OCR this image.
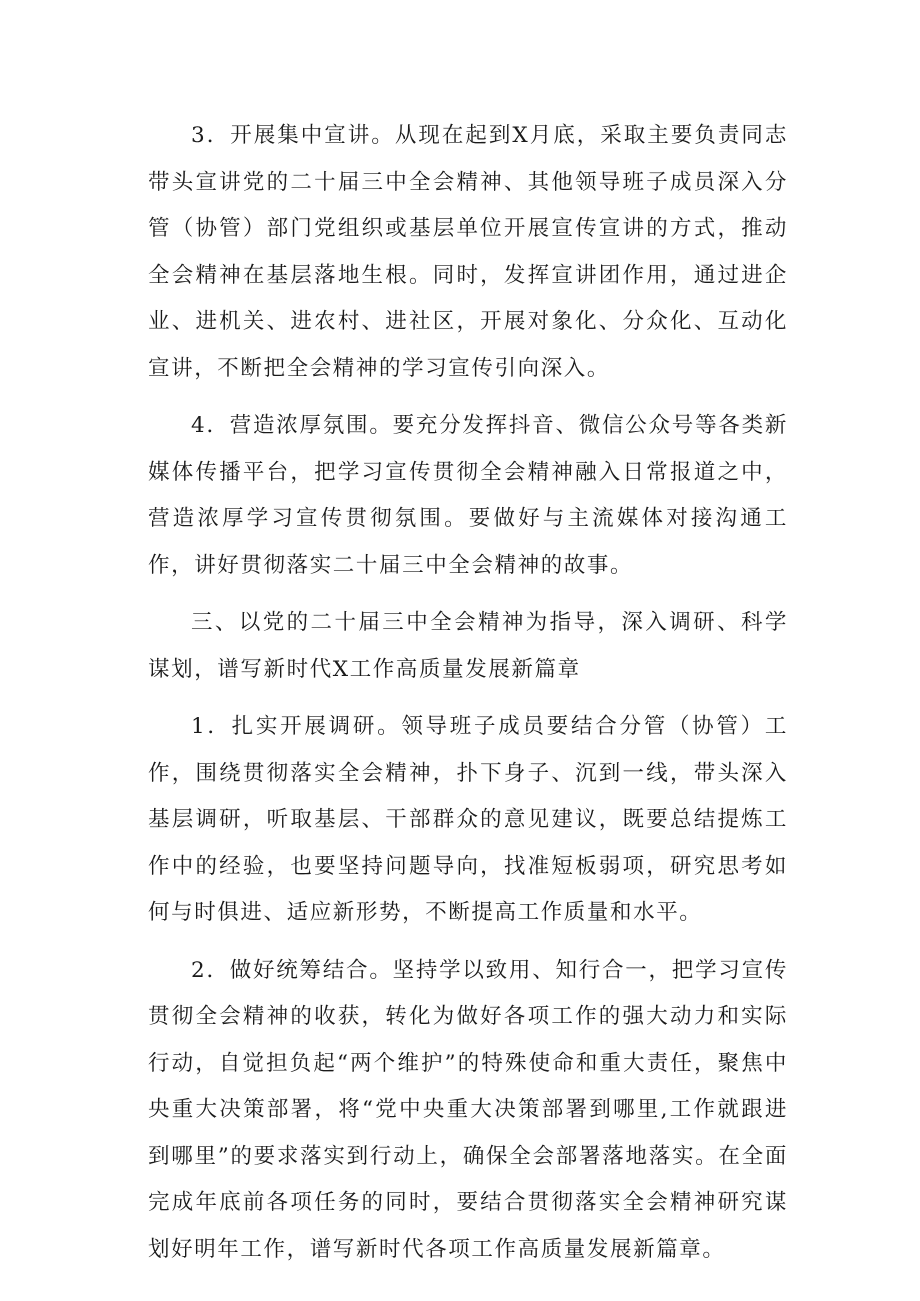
3．开展集中宣讲。从现在起到X月底，采取主要负责同志带头宣讲党的二十届三中全会精神、其他领导班子成员深入分管（协管）部门党组织或基层单位开展宣传宣讲的方式，推动全会精神在基层落地生根。同时，发挥宣讲团作用，通过进企业、进机关、进农村、进社区，开展对象化、分众化、互动化宣讲，不断把全会精神的学习宣传引向深入。

4．营造浓厚氛围。要充分发挥抖音、微信公众号等各类新媒体传播平台，把学习宣传贯彻全会精神融入日常报道之中，营造浓厚学习宣传贯彻氛围。要做好与主流媒体对接沟通工作，讲好贯彻落实二十届三中全会精神的故事。

三、以党的二十届三中全会精神为指导，深入调研、科学谋划，谱写新时代X工作高质量发展新篇章

1．扎实开展调研。领导班子成员要结合分管（协管）工作，围绕贯彻落实全会精神，扑下身子、沉到一线，带头深入基层调研，听取基层、干部群众的意见建议，既要总结提炼工作中的经验，也要坚持问题导向，找准短板弱项，研究思考如何与时俱进、适应新形势，不断提高工作质量和水平。

2．做好统筹结合。坚持学以致用、知行合一，把学习宣传贯彻全会精神的收获，转化为做好各项工作的强大动力和实际行动，自觉担负起“两个维护”的特殊使命和重大责任，聚焦中央重大决策部署，将“党中央重大决策部署到哪里,工作就跟进到哪里”的要求落实到行动上，确保全会部署落地落实。在全面完成年底前各项任务的同时，要结合贯彻落实全会精神研究谋划好明年工作，谱写新时代各项工作高质量发展新篇章。
